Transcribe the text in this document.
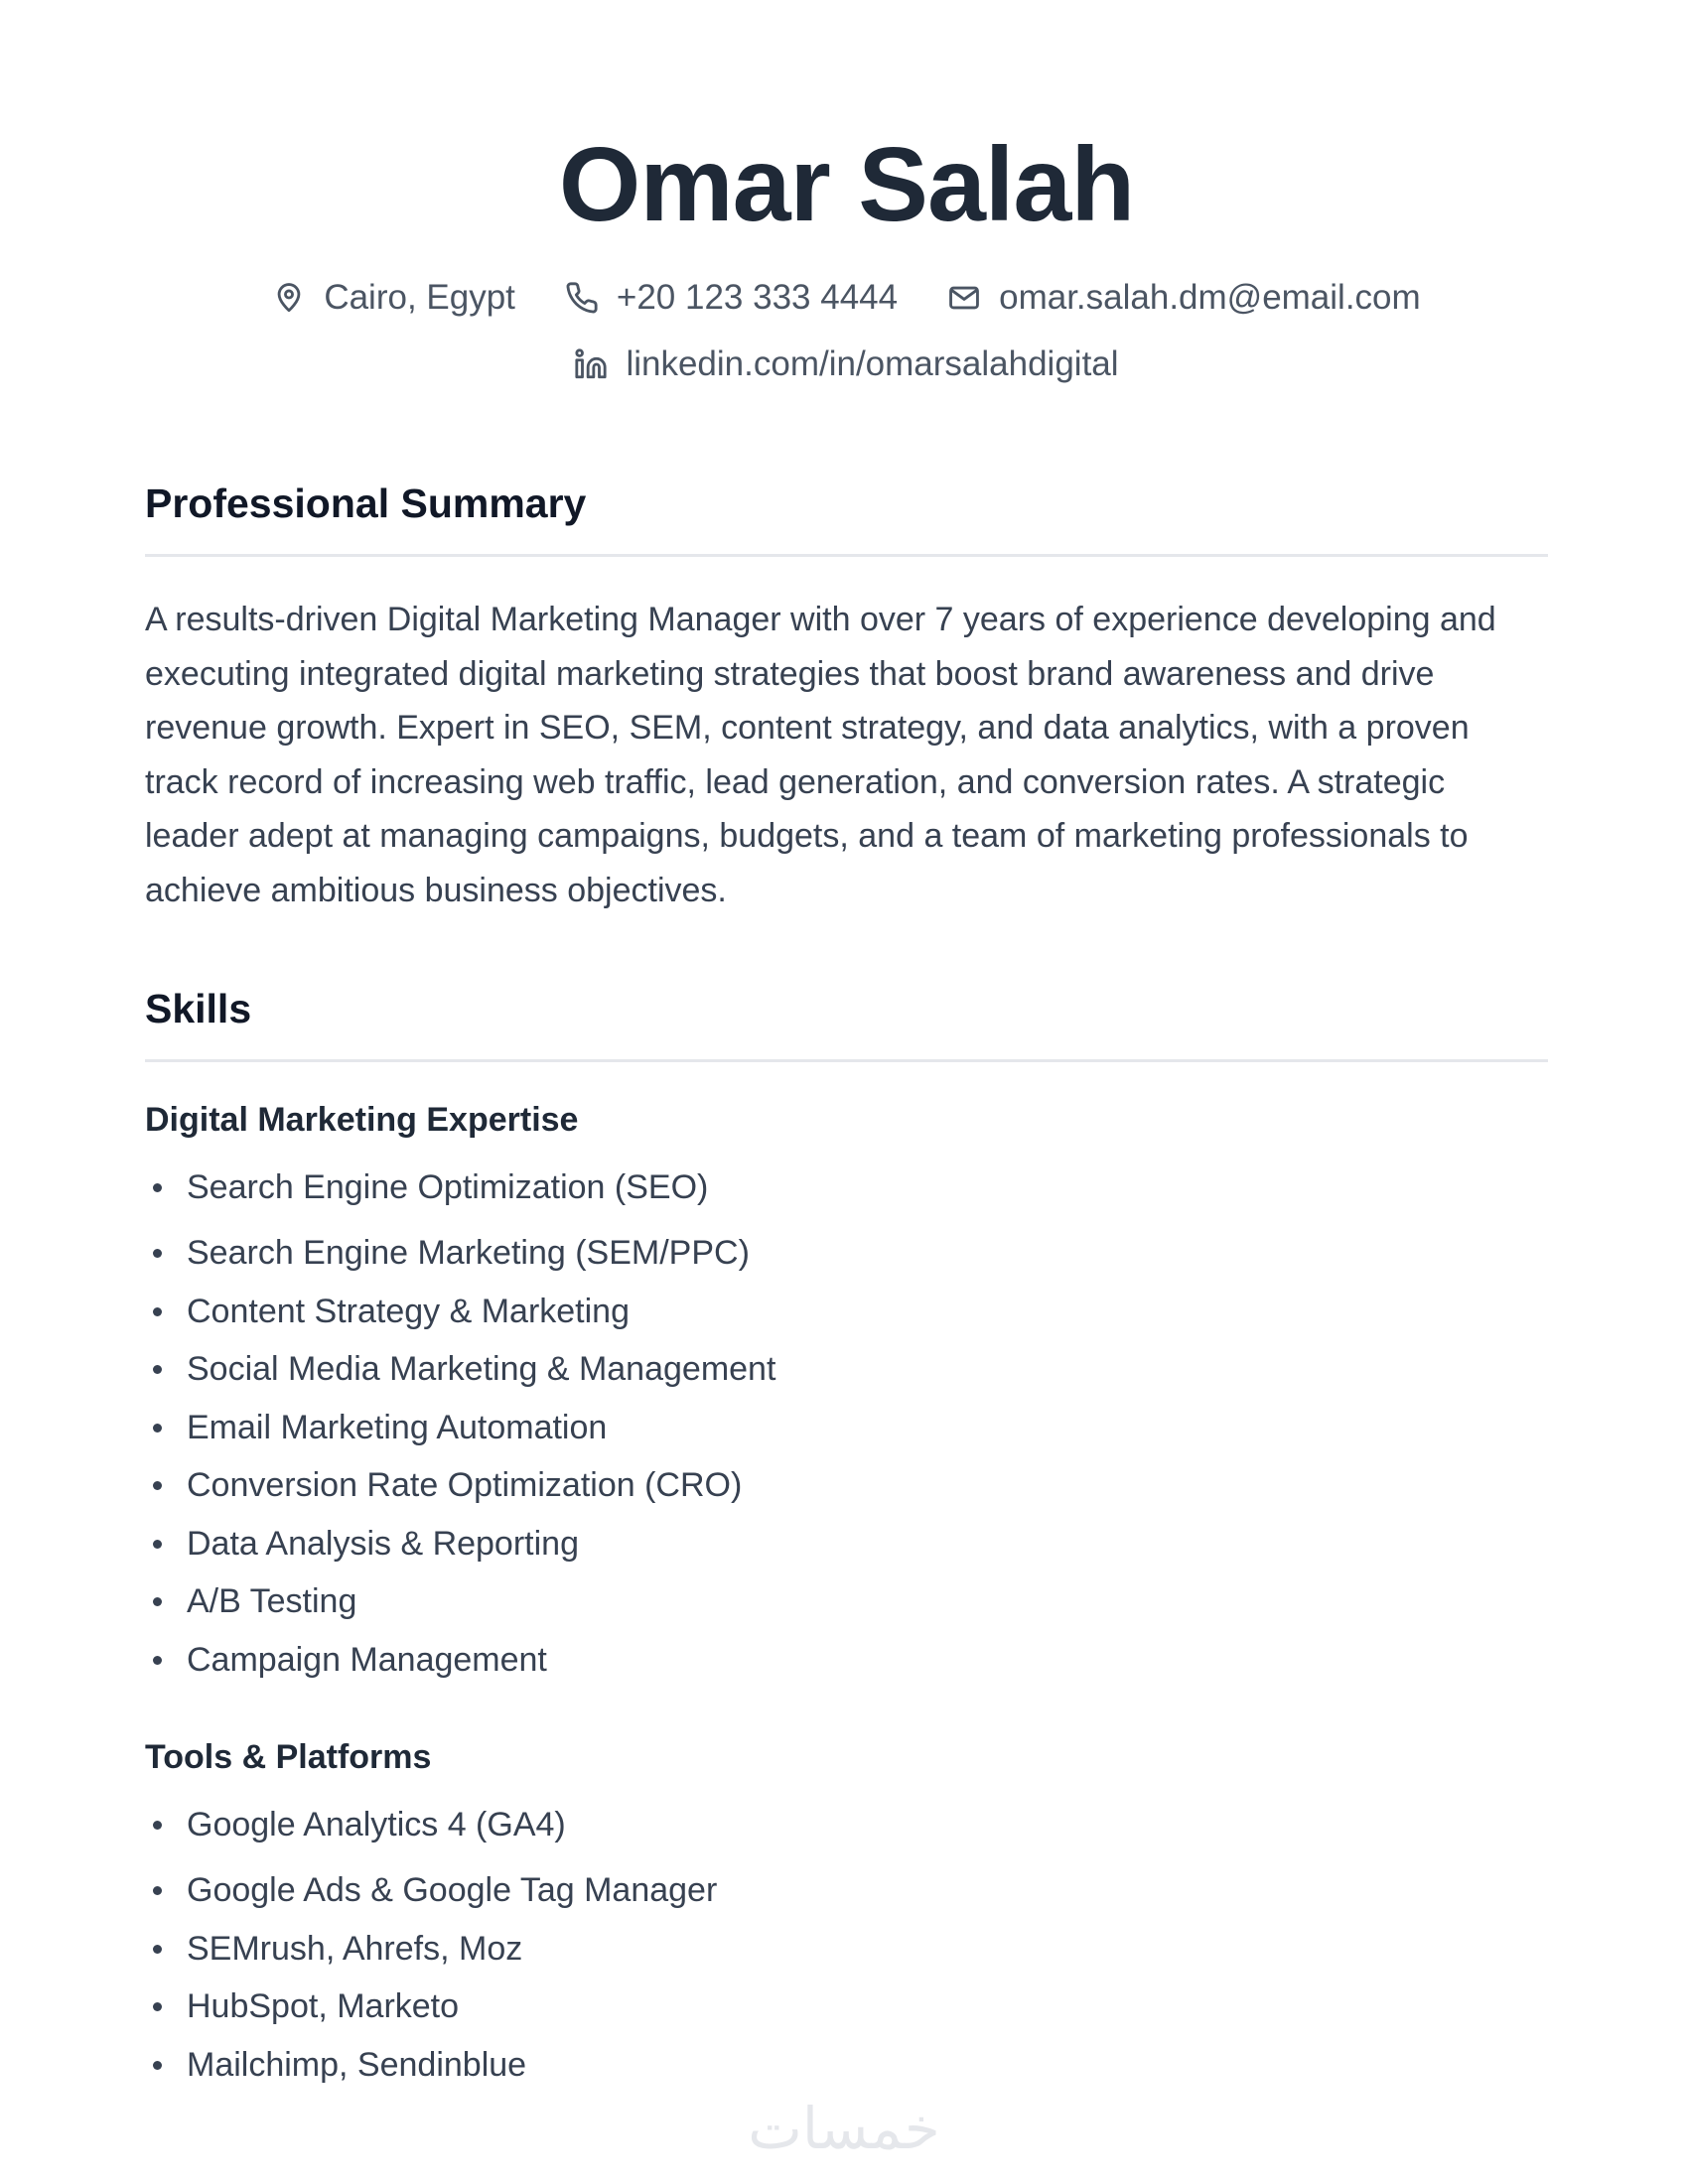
Omar Salah
Cairo, Egypt	+20 123 333 4444	omar.salah.dm@email.com
linkedin.com/in/omarsalahdigital
Professional Summary

A results-driven Digital Marketing Manager with over 7 years of experience developing and executing integrated digital marketing strategies that boost brand awareness and drive revenue growth. Expert in SEO, SEM, content strategy, and data analytics, with a proven track record of increasing web traffic, lead generation, and conversion rates. A strategic leader adept at managing campaigns, budgets, and a team of marketing professionals to achieve ambitious business objectives.

Skills
Digital Marketing Expertise
Search Engine Optimization (SEO)
Search Engine Marketing (SEM/PPC)
Content Strategy & Marketing
Social Media Marketing & Management
Email Marketing Automation
Conversion Rate Optimization (CRO)
Data Analysis & Reporting
A/B Testing
Campaign Management
Tools & Platforms
Google Analytics 4 (GA4)
Google Ads & Google Tag Manager
SEMrush, Ahrefs, Moz
HubSpot, Marketo
Mailchimp, Sendinblue
خمسات
